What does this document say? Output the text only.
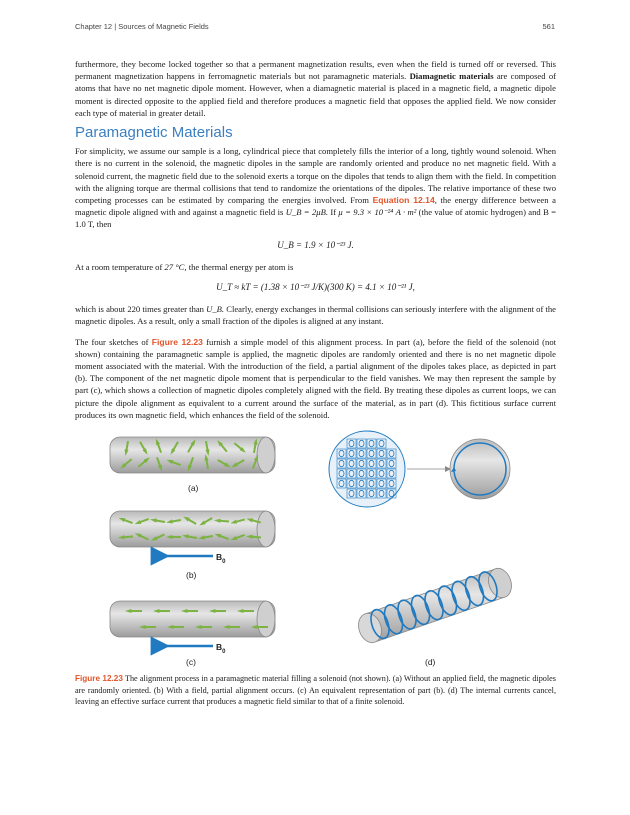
Chapter 12 | Sources of Magnetic Fields	561

furthermore, they become locked together so that a permanent magnetization results, even when the field is turned off or reversed. This permanent magnetization happens in ferromagnetic materials but not paramagnetic materials. Diamagnetic materials are composed of atoms that have no net magnetic dipole moment. However, when a diamagnetic material is placed in a magnetic field, a magnetic dipole moment is directed opposite to the applied field and therefore produces a magnetic field that opposes the applied field. We now consider each type of material in greater detail.

Paramagnetic Materials

For simplicity, we assume our sample is a long, cylindrical piece that completely fills the interior of a long, tightly wound solenoid. When there is no current in the solenoid, the magnetic dipoles in the sample are randomly oriented and produce no net magnetic field. With a solenoid current, the magnetic field due to the solenoid exerts a torque on the dipoles that tends to align them with the field. In competition with the aligning torque are thermal collisions that tend to randomize the orientations of the dipoles. The relative importance of these two competing processes can be estimated by comparing the energies involved. From Equation 12.14, the energy difference between a magnetic dipole aligned with and against a magnetic field is U_B = 2μB. If μ = 9.3 × 10⁻²⁴ A · m² (the value of atomic hydrogen) and B = 1.0 T, then

U_B = 1.9 × 10⁻²³ J.

At a room temperature of 27 °C, the thermal energy per atom is

U_T ≈ kT = (1.38 × 10⁻²³ J/K)(300 K) = 4.1 × 10⁻²¹ J,

which is about 220 times greater than U_B. Clearly, energy exchanges in thermal collisions can seriously interfere with the alignment of the magnetic dipoles. As a result, only a small fraction of the dipoles is aligned at any instant.

The four sketches of Figure 12.23 furnish a simple model of this alignment process. In part (a), before the field of the solenoid (not shown) containing the paramagnetic sample is applied, the magnetic dipoles are randomly oriented and there is no net magnetic dipole moment associated with the material. With the introduction of the field, a partial alignment of the dipoles takes place, as depicted in part (b). The component of the net magnetic dipole moment that is perpendicular to the field vanishes. We may then represent the sample by part (c), which shows a collection of magnetic dipoles completely aligned with the field. By treating these dipoles as current loops, we can picture the dipole alignment as equivalent to a current around the surface of the material, as in part (d). This fictitious surface current produces its own magnetic field, which enhances the field of the solenoid.

(a)
$B_0$
(b)
$B_0$
(c)	(d)
Figure 12.23 The alignment process in a paramagnetic material filling a solenoid (not shown). (a) Without an applied field, the magnetic dipoles are randomly oriented. (b) With a field, partial alignment occurs. (c) An equivalent representation of part (b). (d) The internal currents cancel, leaving an effective surface current that produces a magnetic field similar to that of a finite solenoid.
